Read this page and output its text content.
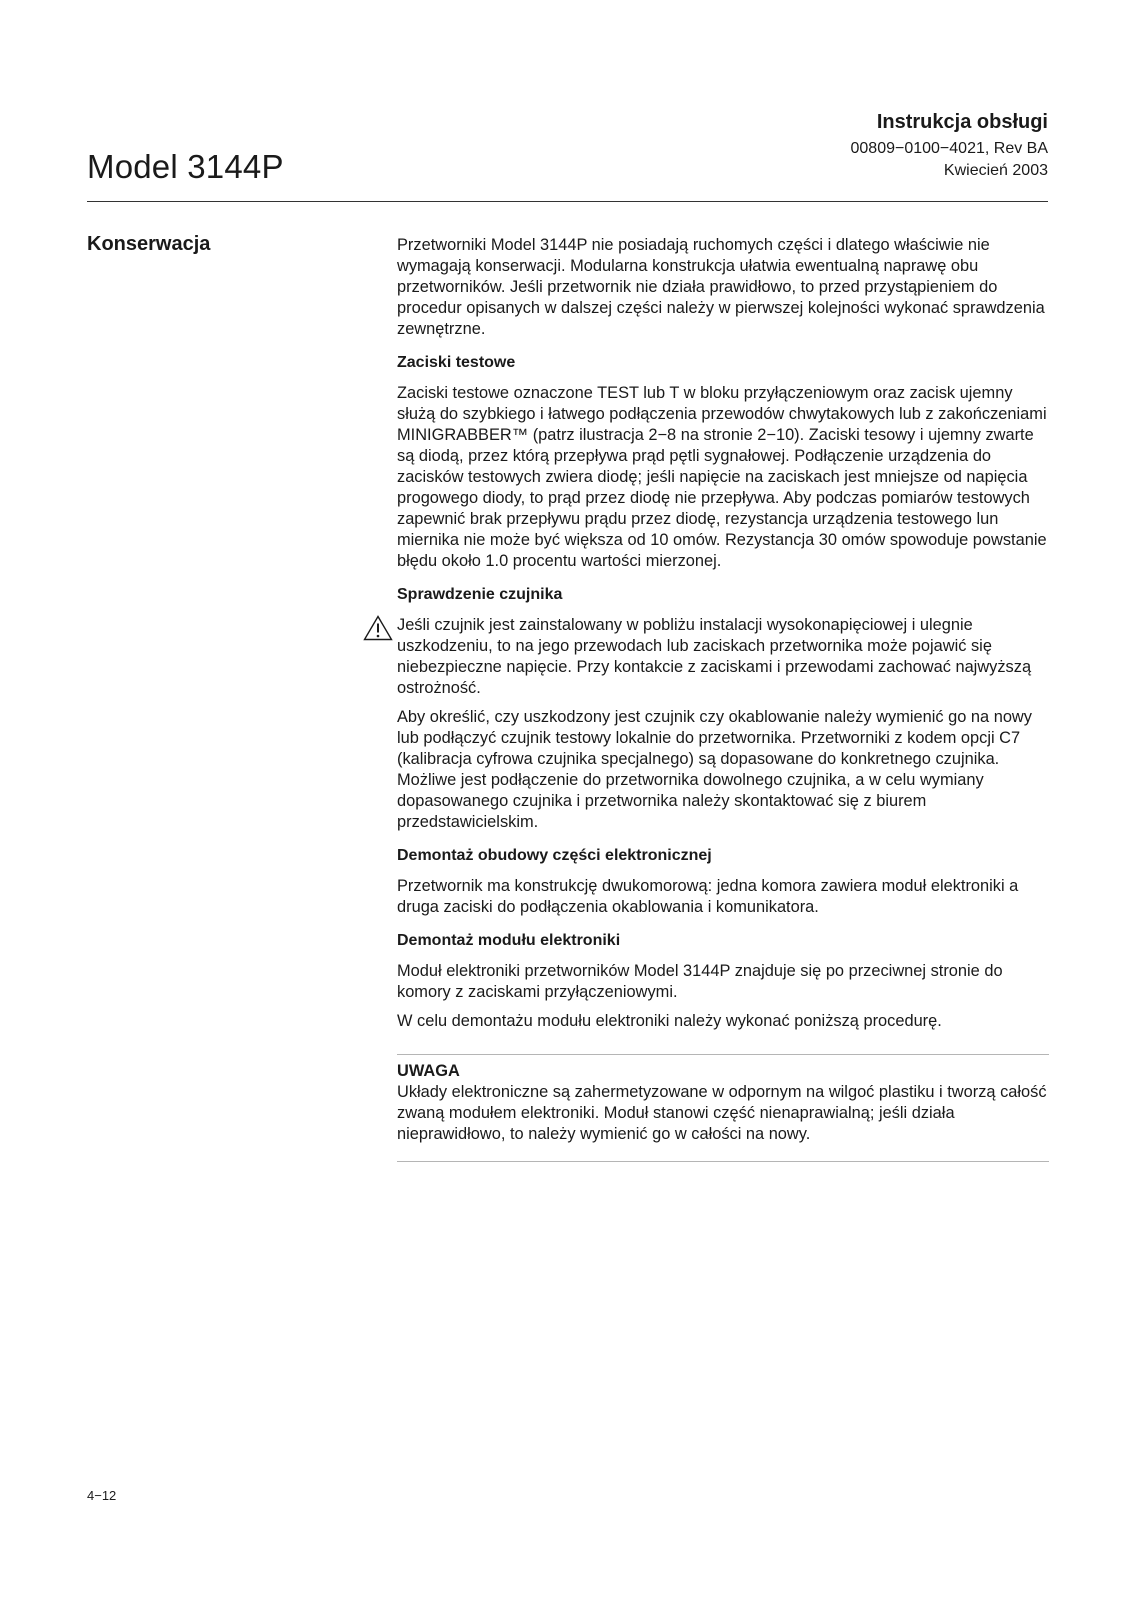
Model 3144P
Instrukcja obsługi
00809−0100−4021, Rev BA
Kwiecień 2003
Konserwacja	Przetworniki Model 3144P nie posiadają ruchomych części i dlatego właściwie nie wymagają konserwacji. Modularna konstrukcja ułatwia ewentualną naprawę obu przetworników. Jeśli przetwornik nie działa prawidłowo, to przed przystąpieniem do procedur opisanych w dalszej części należy w pierwszej kolejności wykonać sprawdzenia zewnętrzne.

Zaciski testowe

Zaciski testowe oznaczone TEST lub T w bloku przyłączeniowym oraz zacisk ujemny służą do szybkiego i łatwego podłączenia przewodów chwytakowych lub z zakończeniami MINIGRABBER™ (patrz ilustracja 2−8 na stronie 2−10). Zaciski tesowy i ujemny zwarte są diodą, przez którą przepływa prąd pętli sygnałowej. Podłączenie urządzenia do zacisków testowych zwiera diodę; jeśli napięcie na zaciskach jest mniejsze od napięcia progowego diody, to prąd przez diodę nie przepływa. Aby podczas pomiarów testowych zapewnić brak przepływu prądu przez diodę, rezystancja urządzenia testowego lun miernika nie może być większa od 10 omów. Rezystancja 30 omów spowoduje powstanie błędu około 1.0 procentu wartości mierzonej.

Sprawdzenie czujnika

Jeśli czujnik jest zainstalowany w pobliżu instalacji wysokonapięciowej i ulegnie uszkodzeniu, to na jego przewodach lub zaciskach przetwornika może pojawić się niebezpieczne napięcie. Przy kontakcie z zaciskami i przewodami zachować najwyższą ostrożność.

Aby określić, czy uszkodzony jest czujnik czy okablowanie należy wymienić go na nowy lub podłączyć czujnik testowy lokalnie do przetwornika. Przetworniki z kodem opcji C7 (kalibracja cyfrowa czujnika specjalnego) są dopasowane do konkretnego czujnika. Możliwe jest podłączenie do przetwornika dowolnego czujnika, a w celu wymiany dopasowanego czujnika i przetwornika należy skontaktować się z biurem przedstawicielskim.

Demontaż obudowy części elektronicznej

Przetwornik ma konstrukcję dwukomorową: jedna komora zawiera moduł elektroniki a druga zaciski do podłączenia okablowania i komunikatora.

Demontaż modułu elektroniki

Moduł elektroniki przetworników Model 3144P znajduje się po przeciwnej stronie do komory z zaciskami przyłączeniowymi.

W celu demontażu modułu elektroniki należy wykonać poniższą procedurę.

UWAGA

Układy elektroniczne są zahermetyzowane w odpornym na wilgoć plastiku i tworzą całość zwaną modułem elektroniki. Moduł stanowi część nienaprawialną; jeśli działa nieprawidłowo, to należy wymienić go w całości na nowy.

4−12
